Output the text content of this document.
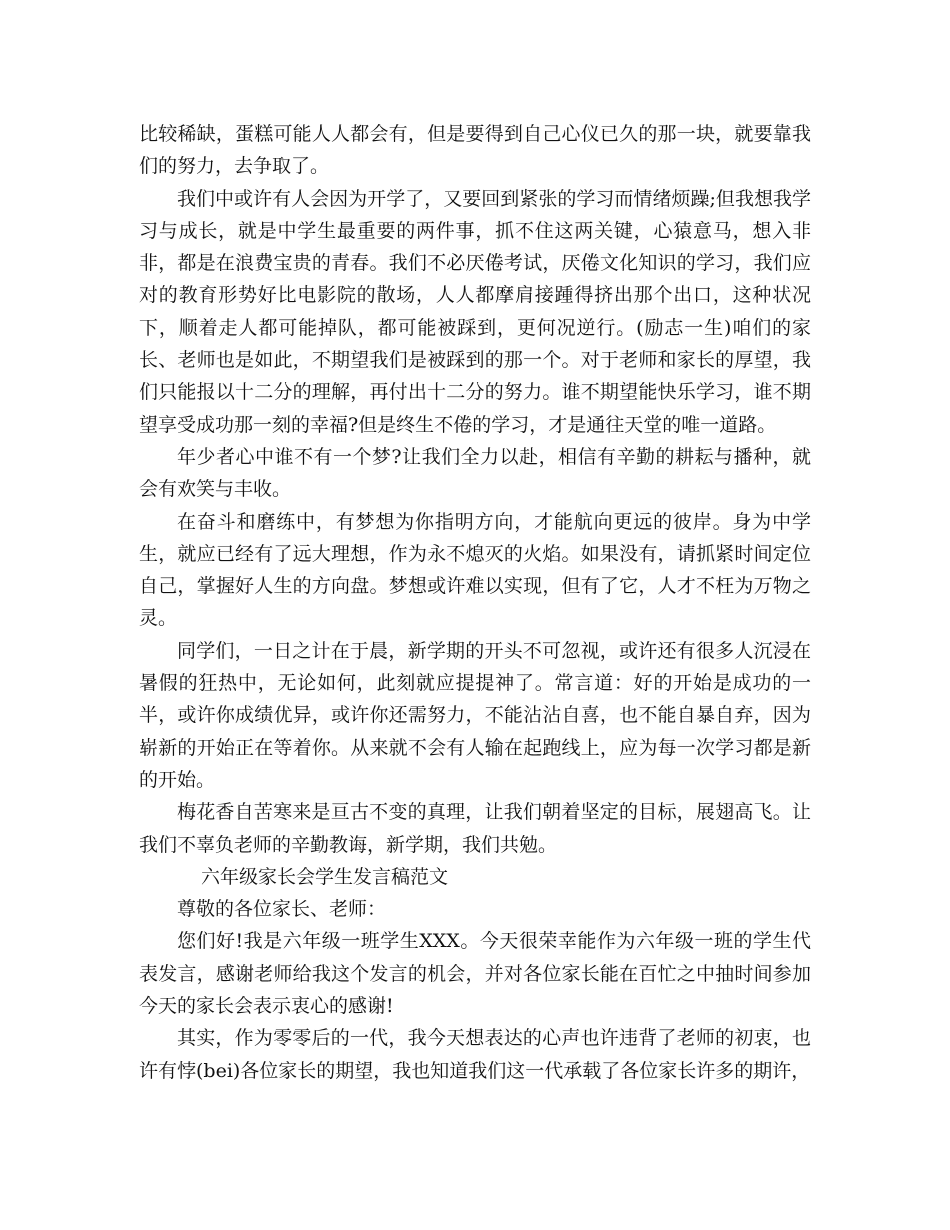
比较稀缺，蛋糕可能人人都会有，但是要得到自己心仪已久的那一块，就要靠我们的努力，去争取了。

我们中或许有人会因为开学了，又要回到紧张的学习而情绪烦躁;但我想我学习与成长，就是中学生最重要的两件事，抓不住这两关键，心猿意马，想入非非，都是在浪费宝贵的青春。我们不必厌倦考试，厌倦文化知识的学习，我们应对的教育形势好比电影院的散场，人人都摩肩接踵得挤出那个出口，这种状况下，顺着走人都可能掉队，都可能被踩到，更何况逆行。(励志一生)咱们的家长、老师也是如此，不期望我们是被踩到的那一个。对于老师和家长的厚望，我们只能报以十二分的理解，再付出十二分的努力。谁不期望能快乐学习，谁不期望享受成功那一刻的幸福?但是终生不倦的学习，才是通往天堂的唯一道路。

年少者心中谁不有一个梦?让我们全力以赴，相信有辛勤的耕耘与播种，就会有欢笑与丰收。

在奋斗和磨练中，有梦想为你指明方向，才能航向更远的彼岸。身为中学生，就应已经有了远大理想，作为永不熄灭的火焰。如果没有，请抓紧时间定位自己，掌握好人生的方向盘。梦想或许难以实现，但有了它，人才不枉为万物之灵。

同学们，一日之计在于晨，新学期的开头不可忽视，或许还有很多人沉浸在暑假的狂热中，无论如何，此刻就应提提神了。常言道：好的开始是成功的一半，或许你成绩优异，或许你还需努力，不能沾沾自喜，也不能自暴自弃，因为崭新的开始正在等着你。从来就不会有人输在起跑线上，应为每一次学习都是新的开始。

梅花香自苦寒来是亘古不变的真理，让我们朝着坚定的目标，展翅高飞。让我们不辜负老师的辛勤教诲，新学期，我们共勉。

六年级家长会学生发言稿范文

尊敬的各位家长、老师：

您们好!我是六年级一班学生XXX。今天很荣幸能作为六年级一班的学生代表发言，感谢老师给我这个发言的机会，并对各位家长能在百忙之中抽时间参加今天的家长会表示衷心的感谢!

其实，作为零零后的一代，我今天想表达的心声也许违背了老师的初衷，也许有悖(bei)各位家长的期望，我也知道我们这一代承载了各位家长许多的期许，
